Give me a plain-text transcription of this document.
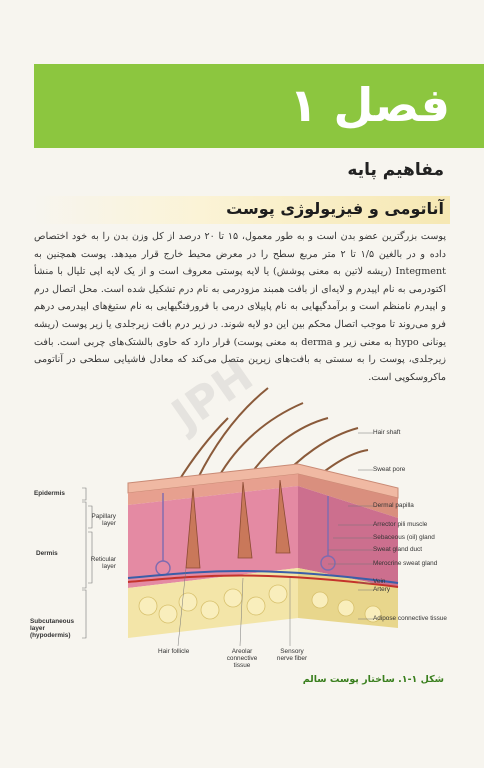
فصل ۱
مفاهیم پایه
آناتومی و فیزیولوژی پوست
پوست بزرگترین عضو بدن است و به طور معمول، ۱۵ تا ۲۰ درصد از کل وزن بدن را به خود اختصاص داده و در بالغین ۱/۵ تا ۲ متر مربع سطح را در معرض محیط خارج قرار میدهد. پوست همچنین به Integment (ریشه لاتین به معنی پوشش) یا لایه پوستی معروف است و از یک لایه اپی تلیال با منشأ اکتودرمی به نام اپیدرم و لایه‌ای از بافت همبند مزودرمی به نام درم تشکیل شده است. محل اتصال درم و اپیدرم نامنظم است و برآمدگیهایی به نام پاپیلای درمی با فرورفتگیهایی به نام ستیغ‌های اپیدرمی درهم فرو می‌روند تا موجب اتصال محکم بین این دو لایه شوند. در زیر درم بافت زیرجلدی یا زیر پوست (ریشه یونانی hypo به معنی زیر و derma به معنی پوست) قرار دارد که حاوی بالشتک‌های چربی است. بافت زیرجلدی، پوست را به سستی به بافت‌های زیرین متصل می‌کند که معادل فاشیایی سطحی در آناتومی ماکروسکوپی است.
JPH	Hair shaft
Sweat pore
Dermal papilla
Arrector pili muscle
Sebaceous (oil) gland
Sweat gland duct
Merocrine sweat gland
Vein
Artery
Adipose connective tissue
Epidermis
Papillary layer
Dermis
Reticular layer
Subcutaneous layer (hypodermis)
Hair follicle	Areolar connective tissue
Sensory nerve fiber
شکل ۱-۱. ساختار پوست سالم
